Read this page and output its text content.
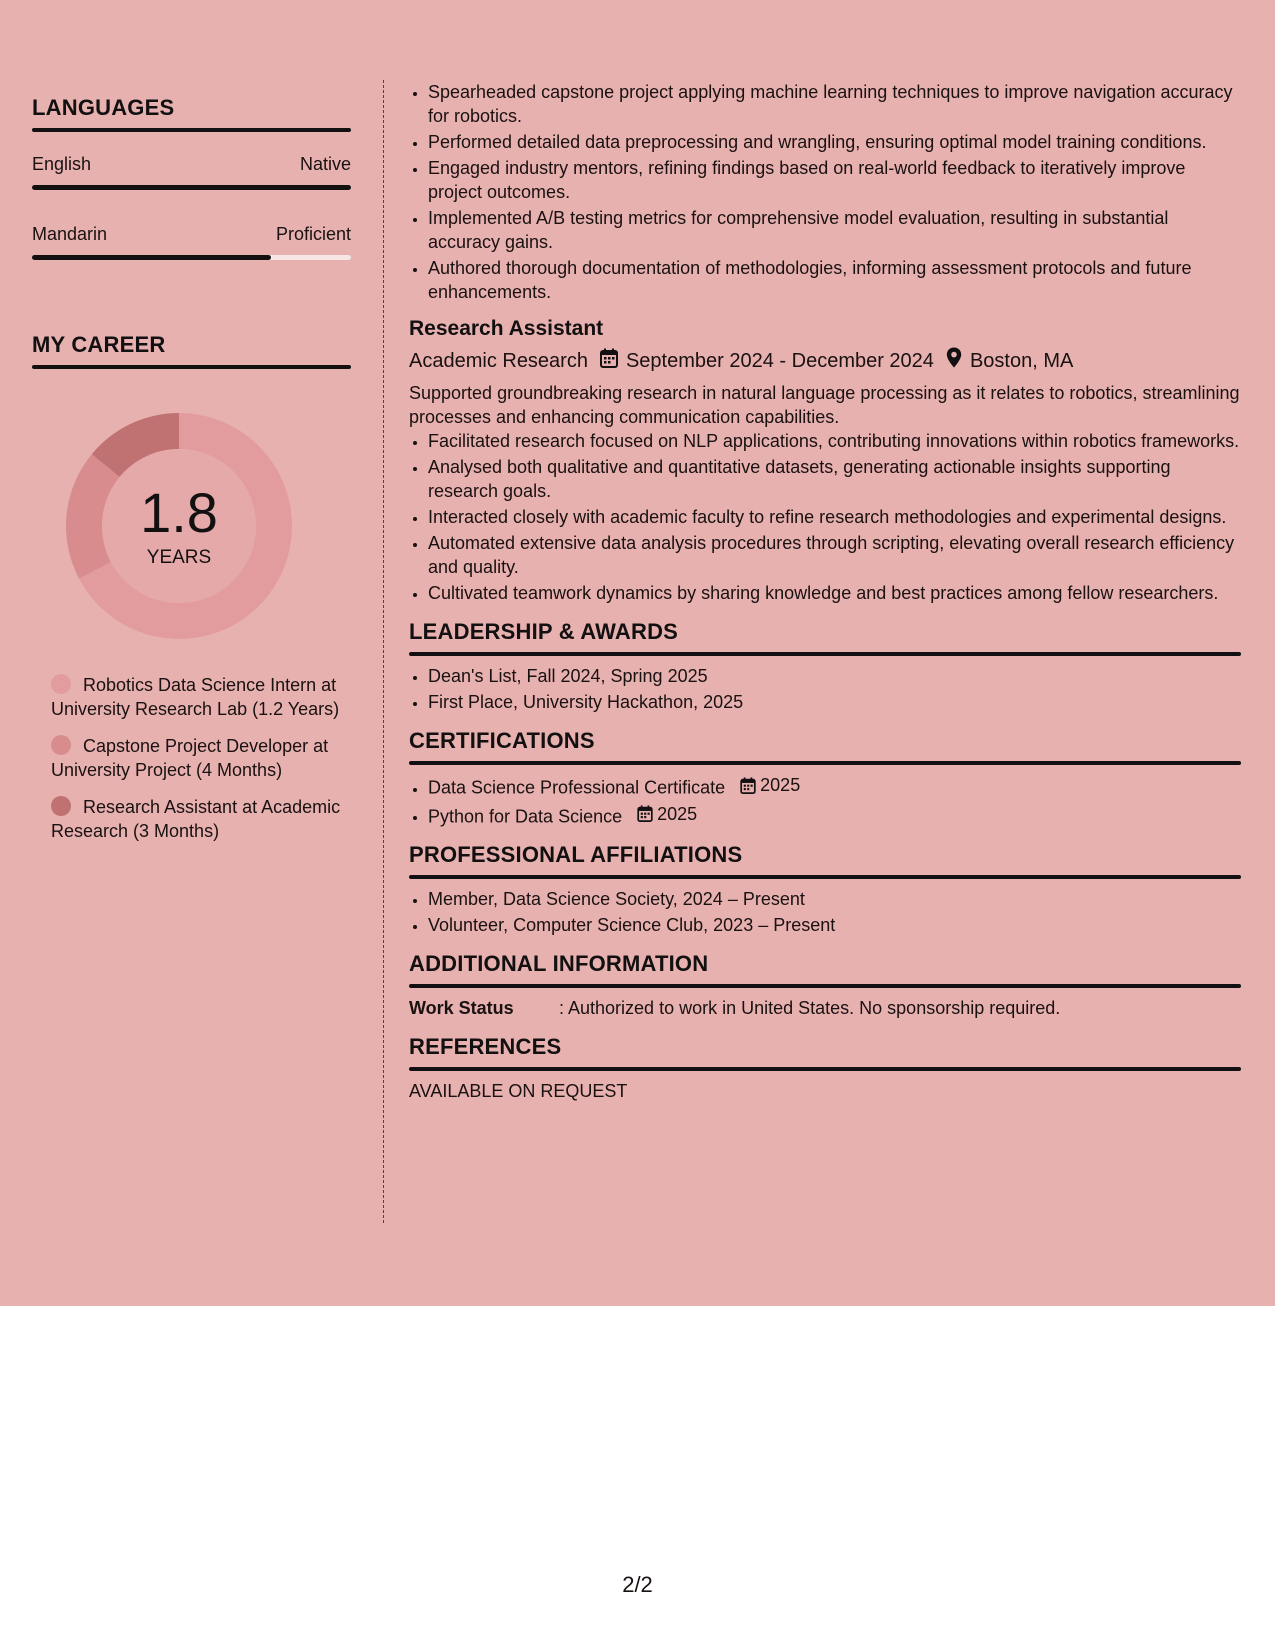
LANGUAGES
English	Native
Mandarin	Proficient
MY CAREER
1.8
YEARS
Robotics Data Science Intern at University Research Lab (1.2 Years)
Capstone Project Developer at University Project (4 Months)
Research Assistant at Academic Research (3 Months)
• Spearheaded capstone project applying machine learning techniques to improve navigation accuracy for robotics.
• Performed detailed data preprocessing and wrangling, ensuring optimal model training conditions.
• Engaged industry mentors, refining findings based on real-world feedback to iteratively improve project outcomes.
• Implemented A/B testing metrics for comprehensive model evaluation, resulting in substantial accuracy gains.
• Authored thorough documentation of methodologies, informing assessment protocols and future enhancements.
Research Assistant
Academic Research September 2024 - December 2024 Boston, MA
Supported groundbreaking research in natural language processing as it relates to robotics, streamlining processes and enhancing communication capabilities.
• Facilitated research focused on NLP applications, contributing innovations within robotics frameworks.
• Analysed both qualitative and quantitative datasets, generating actionable insights supporting research goals.
• Interacted closely with academic faculty to refine research methodologies and experimental designs.
• Automated extensive data analysis procedures through scripting, elevating overall research efficiency and quality.
• Cultivated teamwork dynamics by sharing knowledge and best practices among fellow researchers.
LEADERSHIP & AWARDS
• Dean's List, Fall 2024, Spring 2025
• First Place, University Hackathon, 2025
CERTIFICATIONS
• Data Science Professional Certificate 2025
• Python for Data Science 2025
PROFESSIONAL AFFILIATIONS
• Member, Data Science Society, 2024 – Present
• Volunteer, Computer Science Club, 2023 – Present
ADDITIONAL INFORMATION
Work Status	: Authorized to work in United States. No sponsorship required.
REFERENCES
AVAILABLE ON REQUEST
2/2
